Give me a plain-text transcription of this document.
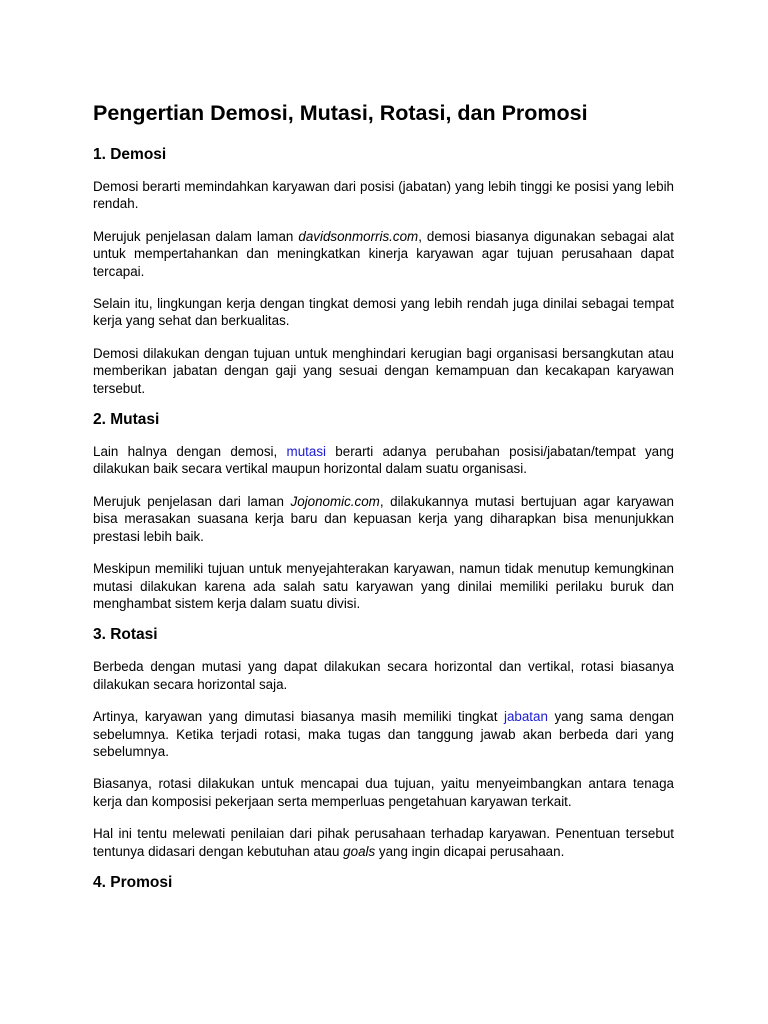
Pengertian Demosi, Mutasi, Rotasi, dan Promosi
1. Demosi

Demosi berarti memindahkan karyawan dari posisi (jabatan) yang lebih tinggi ke posisi yang lebih rendah.

Merujuk penjelasan dalam laman davidsonmorris.com, demosi biasanya digunakan sebagai alat untuk mempertahankan dan meningkatkan kinerja karyawan agar tujuan perusahaan dapat tercapai.

Selain itu, lingkungan kerja dengan tingkat demosi yang lebih rendah juga dinilai sebagai tempat kerja yang sehat dan berkualitas.

Demosi dilakukan dengan tujuan untuk menghindari kerugian bagi organisasi bersangkutan atau memberikan jabatan dengan gaji yang sesuai dengan kemampuan dan kecakapan karyawan tersebut.

2. Mutasi

Lain halnya dengan demosi, mutasi berarti adanya perubahan posisi/jabatan/tempat yang dilakukan baik secara vertikal maupun horizontal dalam suatu organisasi.

Merujuk penjelasan dari laman Jojonomic.com, dilakukannya mutasi bertujuan agar karyawan bisa merasakan suasana kerja baru dan kepuasan kerja yang diharapkan bisa menunjukkan prestasi lebih baik.

Meskipun memiliki tujuan untuk menyejahterakan karyawan, namun tidak menutup kemungkinan mutasi dilakukan karena ada salah satu karyawan yang dinilai memiliki perilaku buruk dan menghambat sistem kerja dalam suatu divisi.

3. Rotasi

Berbeda dengan mutasi yang dapat dilakukan secara horizontal dan vertikal, rotasi biasanya dilakukan secara horizontal saja.

Artinya, karyawan yang dimutasi biasanya masih memiliki tingkat jabatan yang sama dengan sebelumnya. Ketika terjadi rotasi, maka tugas dan tanggung jawab akan berbeda dari yang sebelumnya.

Biasanya, rotasi dilakukan untuk mencapai dua tujuan, yaitu menyeimbangkan antara tenaga kerja dan komposisi pekerjaan serta memperluas pengetahuan karyawan terkait.

Hal ini tentu melewati penilaian dari pihak perusahaan terhadap karyawan. Penentuan tersebut tentunya didasari dengan kebutuhan atau goals yang ingin dicapai perusahaan.

4. Promosi
